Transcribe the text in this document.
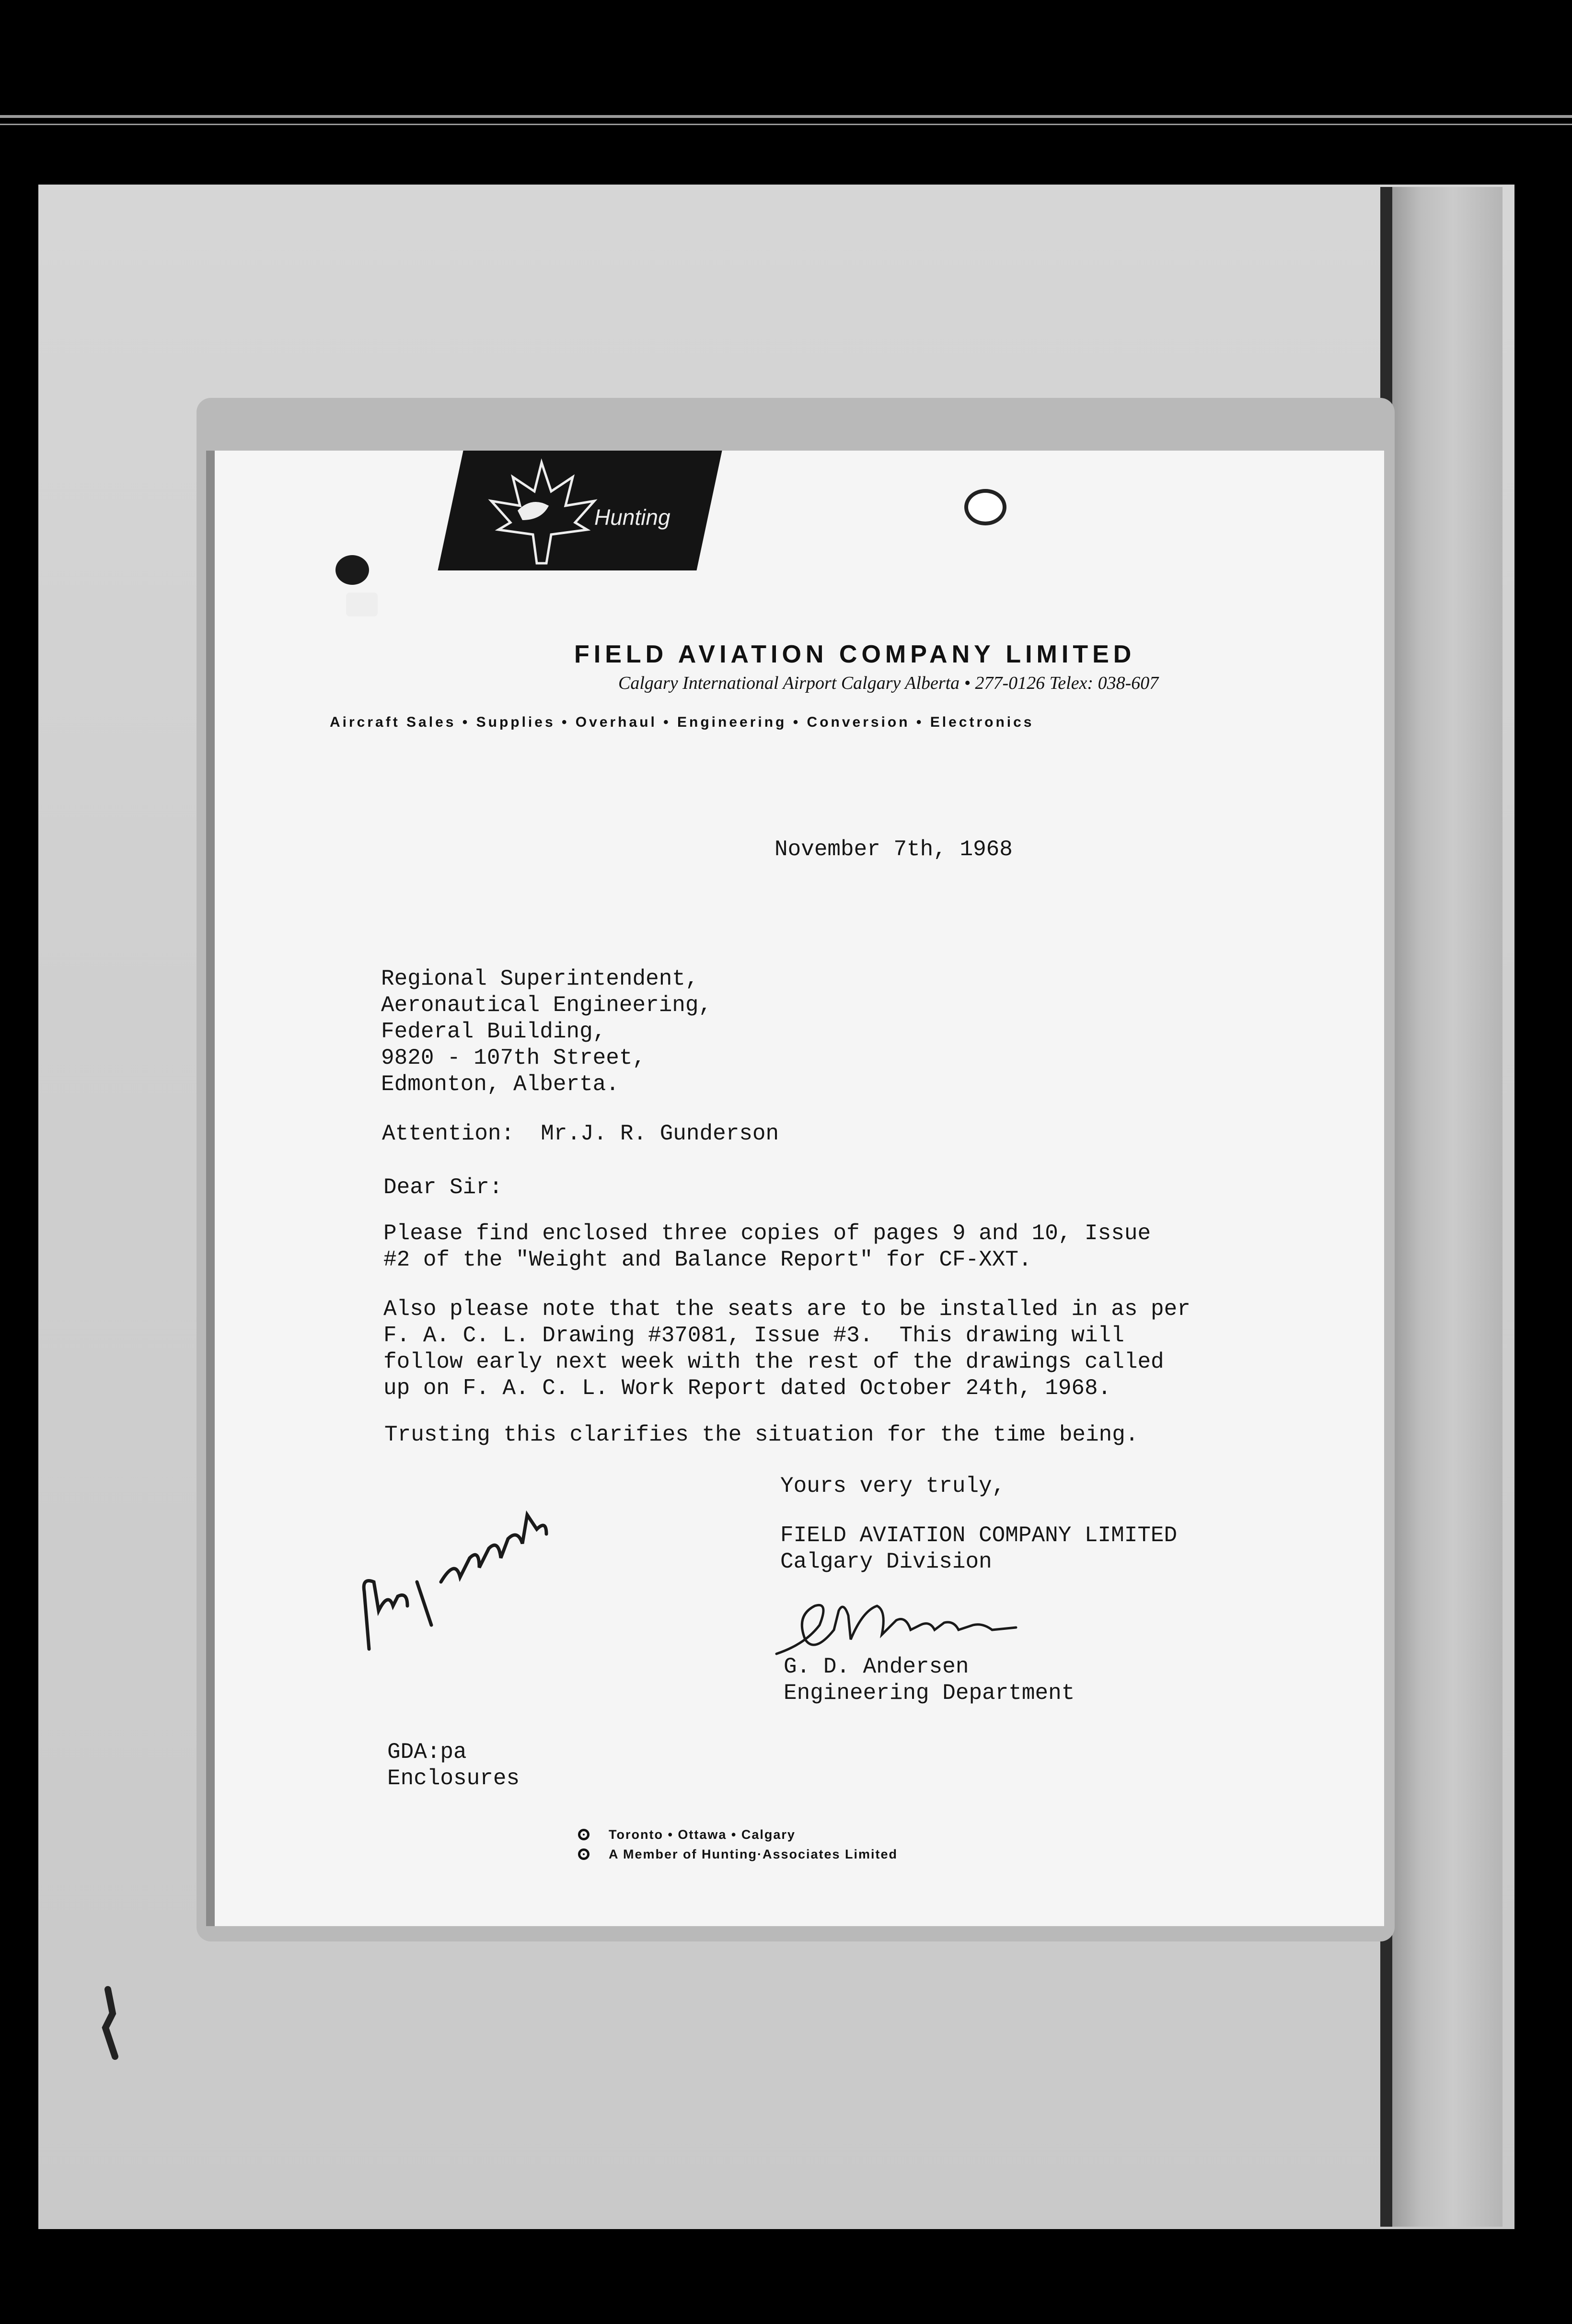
Hunting
FIELD AVIATION COMPANY LIMITED
Calgary International Airport Calgary Alberta • 277-0126 Telex: 038-607
Aircraft Sales • Supplies • Overhaul • Engineering • Conversion • Electronics
November 7th, 1968
Regional Superintendent,
Aeronautical Engineering,
Federal Building,
9820 - 107th Street,
Edmonton, Alberta.
Attention:  Mr.J. R. Gunderson
Dear Sir:
Please find enclosed three copies of pages 9 and 10, Issue
#2 of the "Weight and Balance Report" for CF-XXT.
Also please note that the seats are to be installed in as per
F. A. C. L. Drawing #37081, Issue #3.  This drawing will
follow early next week with the rest of the drawings called
up on F. A. C. L. Work Report dated October 24th, 1968.
Trusting this clarifies the situation for the time being.
Yours very truly,
FIELD AVIATION COMPANY LIMITED
Calgary Division
G. D. Andersen
Engineering Department
GDA:pa
Enclosures
Toronto • Ottawa • Calgary
A Member of Hunting·Associates Limited
